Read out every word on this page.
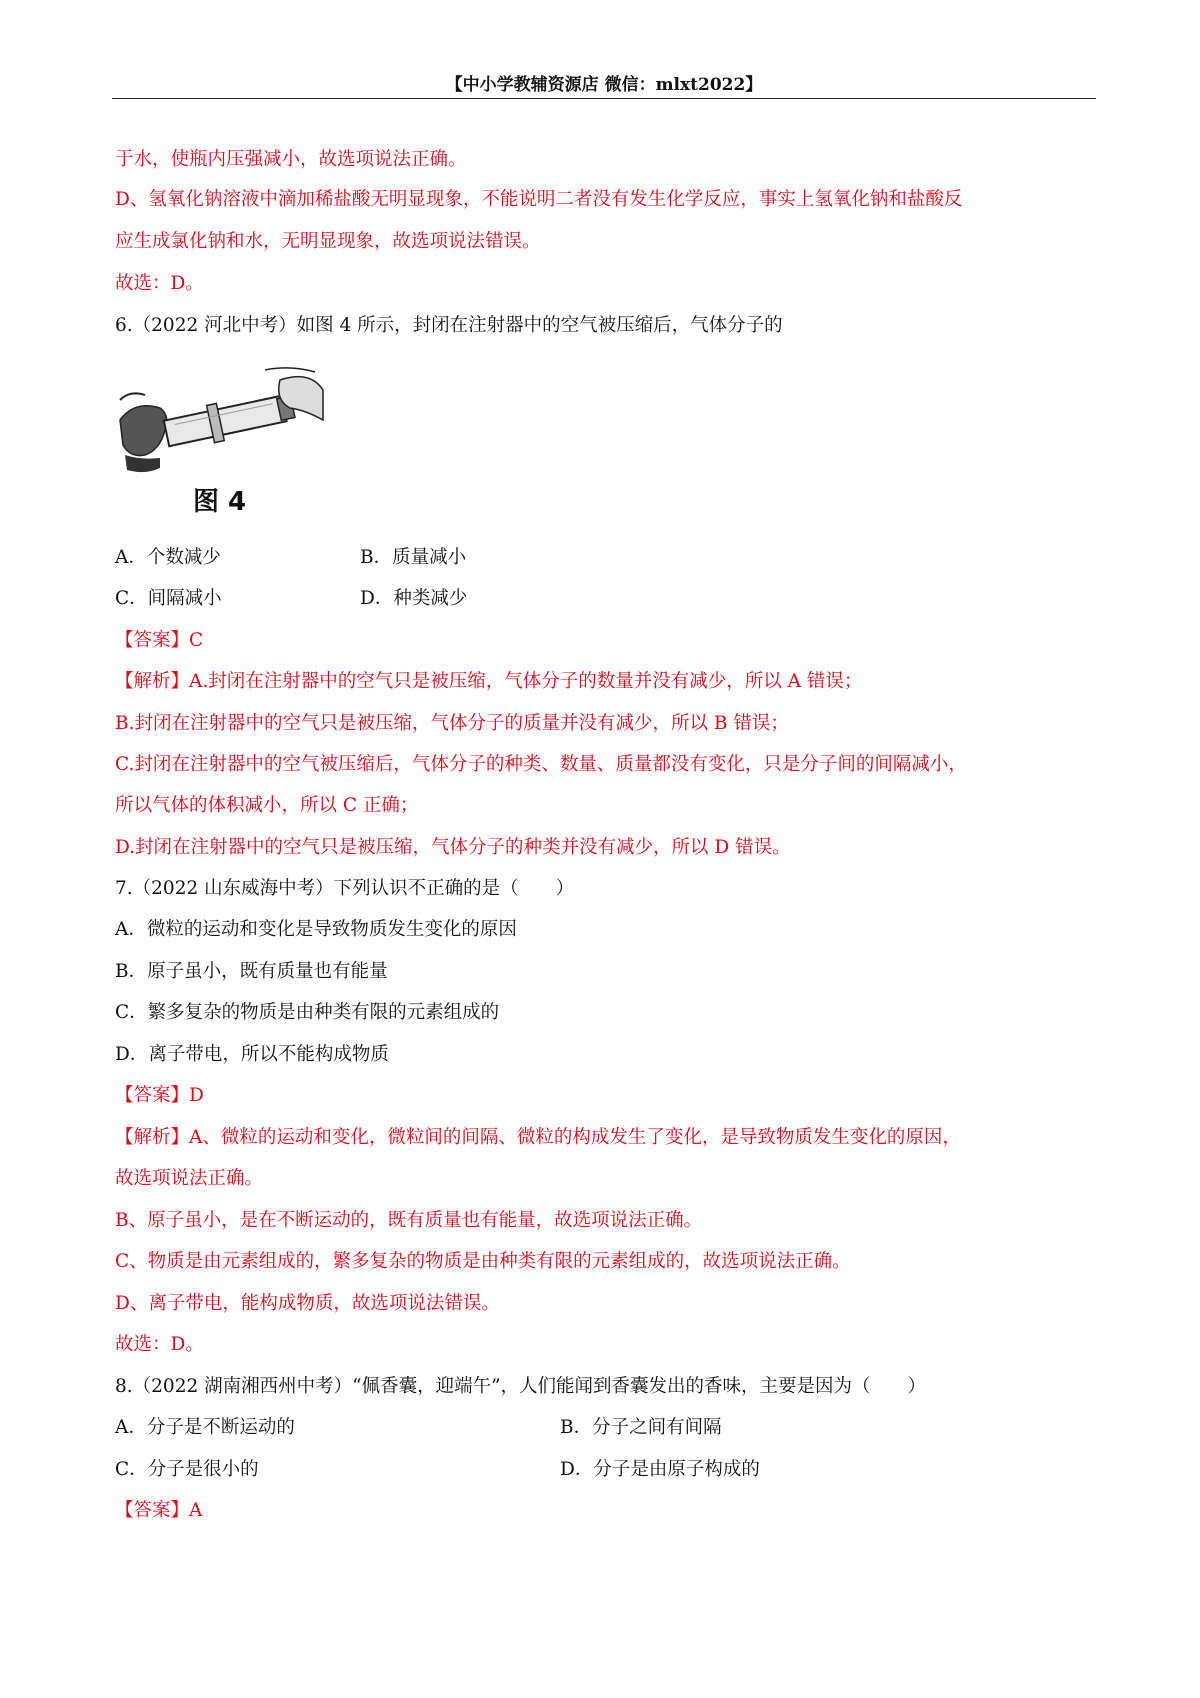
【中小学教辅资源店 微信：mlxt2022】
于水，使瓶内压强减小，故选项说法正确。
D、氢氧化钠溶液中滴加稀盐酸无明显现象，不能说明二者没有发生化学反应，事实上氢氧化钠和盐酸反
应生成氯化钠和水，无明显现象，故选项说法错误。
故选：D。
6.（2022 河北中考）如图 4 所示，封闭在注射器中的空气被压缩后，气体分子的
图 4
A．个数减少	B．质量减小
C．间隔减小	D．种类减少
【答案】C
【解析】A.封闭在注射器中的空气只是被压缩，气体分子的数量并没有减少，所以 A 错误；
B.封闭在注射器中的空气只是被压缩，气体分子的质量并没有减少，所以 B 错误；
C.封闭在注射器中的空气被压缩后，气体分子的种类、数量、质量都没有变化，只是分子间的间隔减小，
所以气体的体积减小，所以 C 正确；
D.封闭在注射器中的空气只是被压缩，气体分子的种类并没有减少，所以 D 错误。
7.（2022 山东威海中考）下列认识不正确的是（　　）
A．微粒的运动和变化是导致物质发生变化的原因
B．原子虽小，既有质量也有能量
C．繁多复杂的物质是由种类有限的元素组成的
D．离子带电，所以不能构成物质
【答案】D
【解析】A、微粒的运动和变化，微粒间的间隔、微粒的构成发生了变化，是导致物质发生变化的原因，
故选项说法正确。
B、原子虽小，是在不断运动的，既有质量也有能量，故选项说法正确。
C、物质是由元素组成的，繁多复杂的物质是由种类有限的元素组成的，故选项说法正确。
D、离子带电，能构成物质，故选项说法错误。
故选：D。
8.（2022 湖南湘西州中考）“佩香囊，迎端午”，人们能闻到香囊发出的香味，主要是因为（　　）
A．分子是不断运动的	B．分子之间有间隔
C．分子是很小的	D．分子是由原子构成的
【答案】A
